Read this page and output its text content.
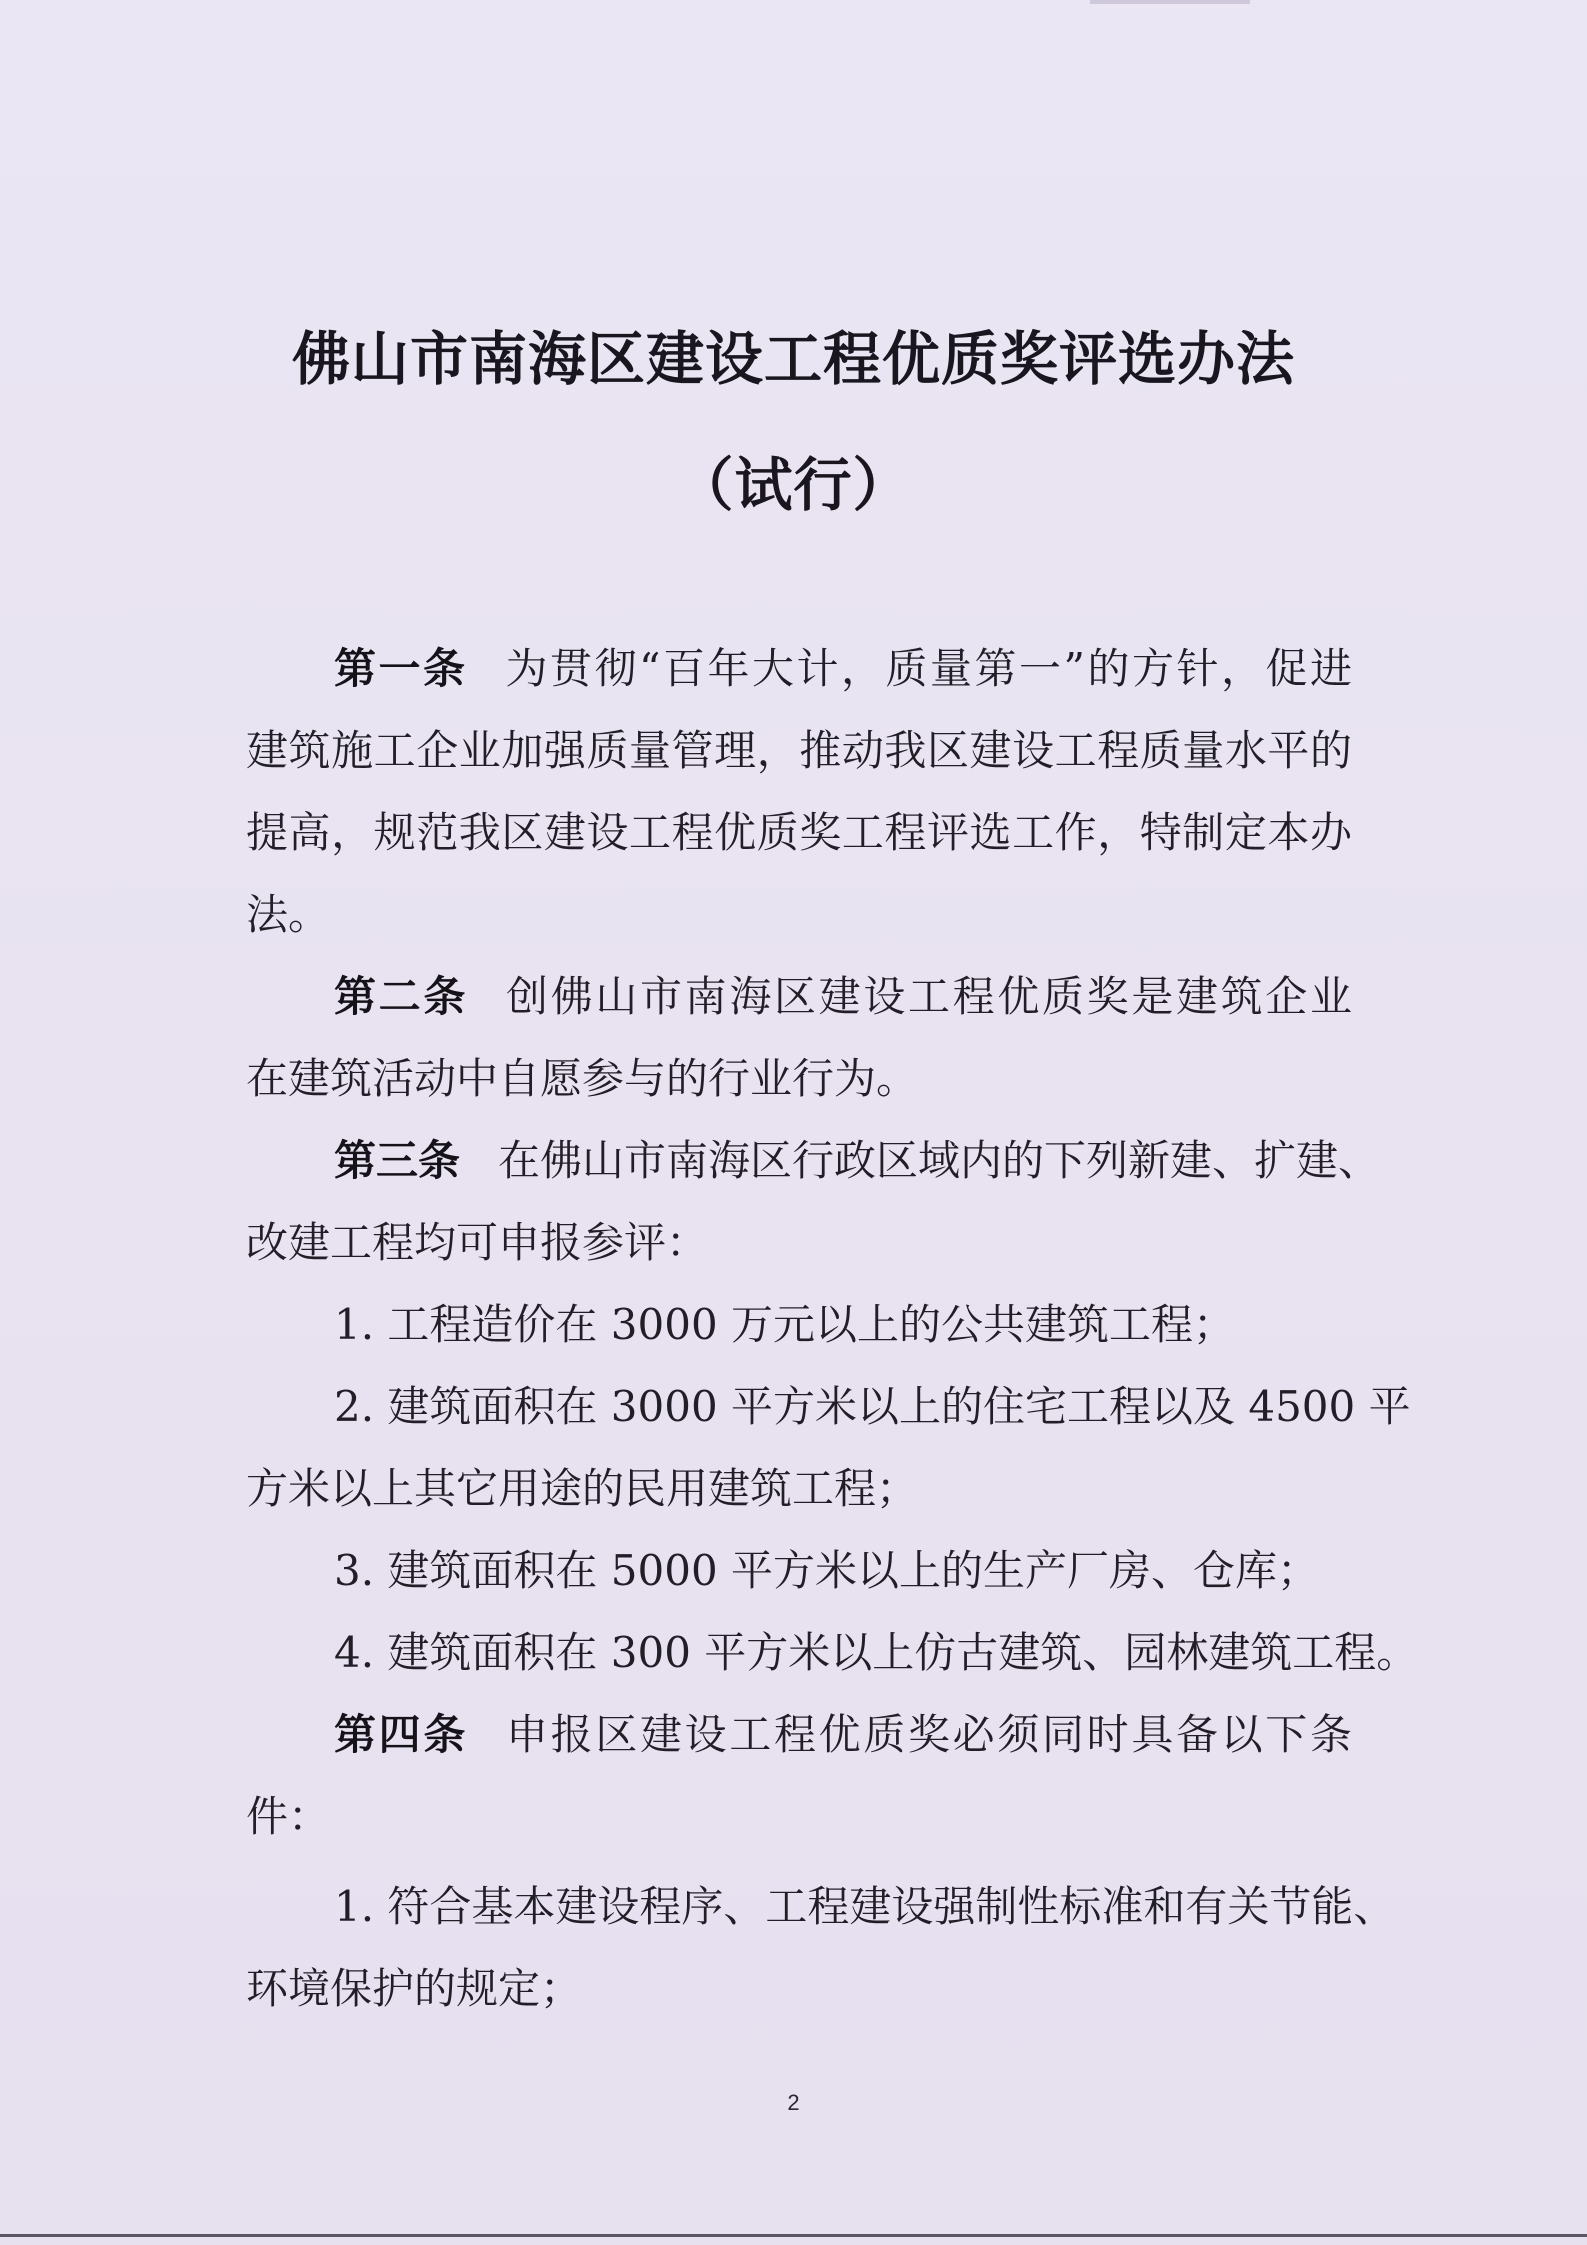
佛山市南海区建设工程优质奖评选办法
（试行）

第一条 为贯彻“百年大计，质量第一”的方针，促进

建筑施工企业加强质量管理，推动我区建设工程质量水平的

提高，规范我区建设工程优质奖工程评选工作，特制定本办

法。

第二条 创佛山市南海区建设工程优质奖是建筑企业

在建筑活动中自愿参与的行业行为。

第三条 在佛山市南海区行政区域内的下列新建、扩建、

改建工程均可申报参评：

1. 工程造价在 3000 万元以上的公共建筑工程；

2. 建筑面积在 3000 平方米以上的住宅工程以及 4500 平

方米以上其它用途的民用建筑工程；

3. 建筑面积在 5000 平方米以上的生产厂房、仓库；

4. 建筑面积在 300 平方米以上仿古建筑、园林建筑工程。

第四条 申报区建设工程优质奖必须同时具备以下条

件：

1. 符合基本建设程序、工程建设强制性标准和有关节能、

环境保护的规定；

2
